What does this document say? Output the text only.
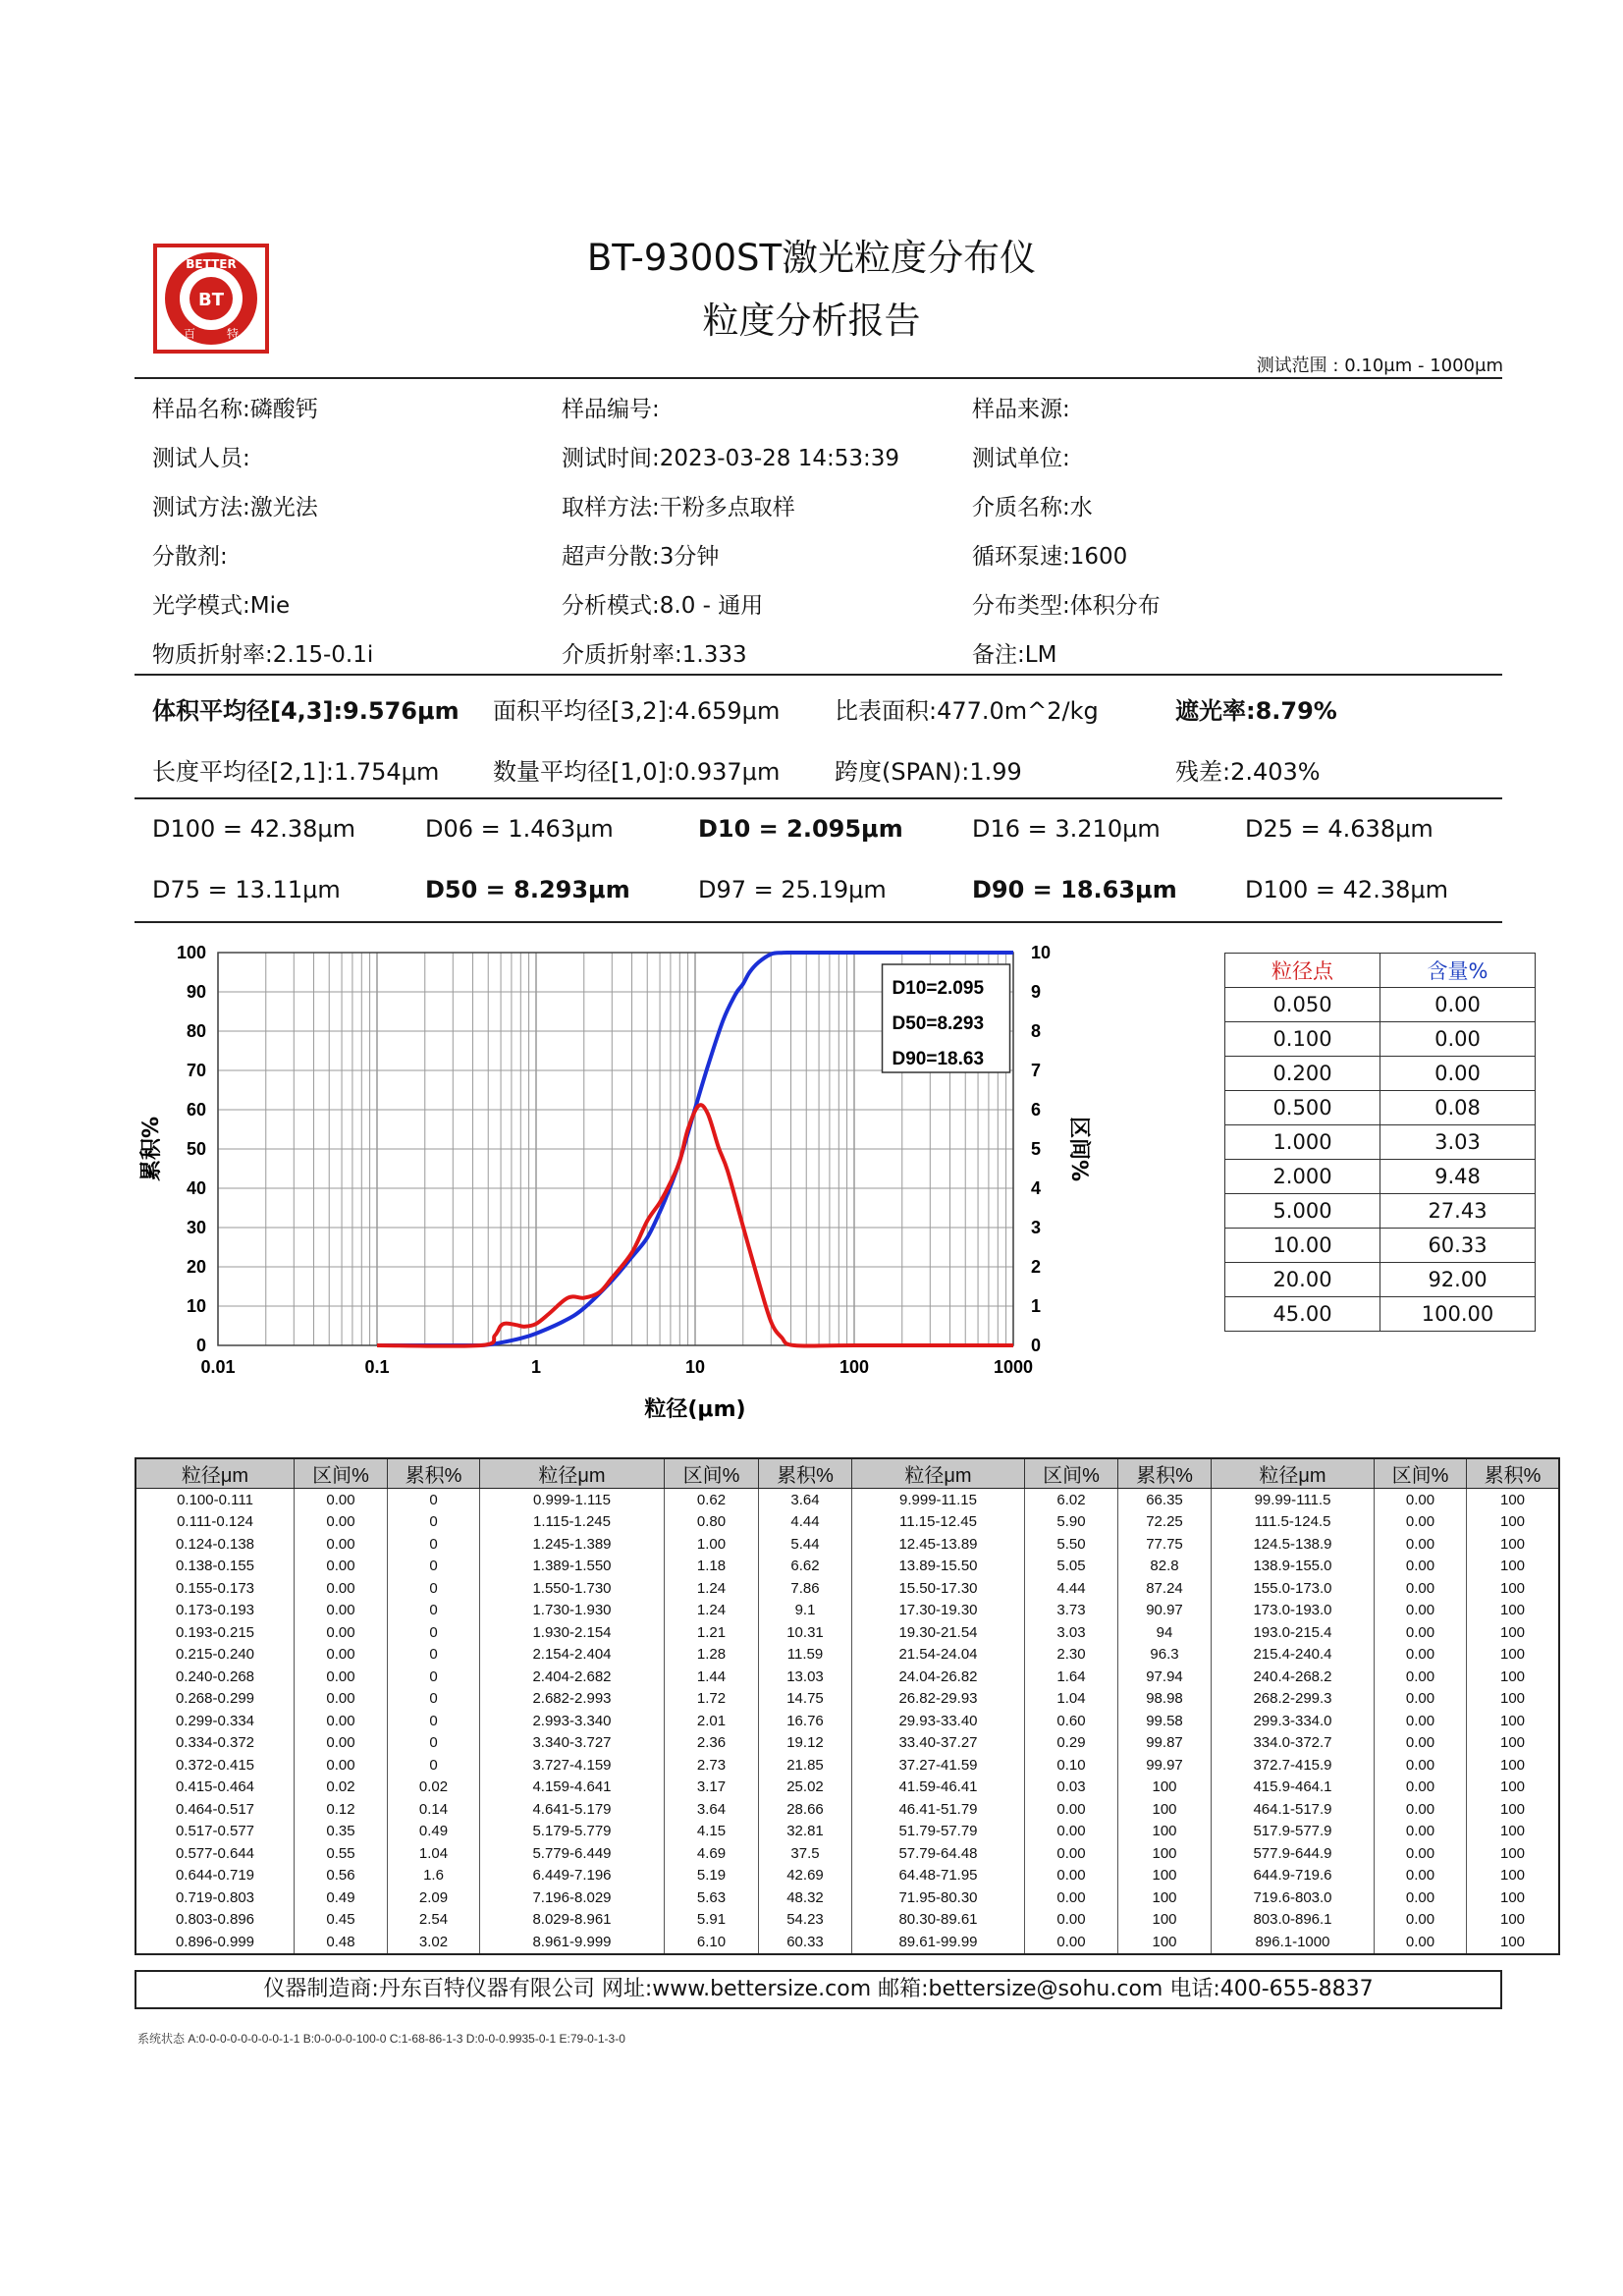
BT
BETTER
百	特
BT-9300ST激光粒度分布仪
粒度分析报告
测试范围 : 0.10μm - 1000μm
样品名称:磷酸钙	样品编号:	样品来源:
测试人员:	测试时间:2023-03-28 14:53:39	测试单位:
测试方法:激光法	取样方法:干粉多点取样	介质名称:水
分散剂:	超声分散:3分钟	循环泵速:1600
光学模式:Mie	分析模式:8.0 - 通用	分布类型:体积分布
物质折射率:2.15-0.1i	介质折射率:1.333	备注:LM
体积平均径[4,3]:9.576μm 面积平均径[3,2]:4.659μm 比表面积:477.0m^2/kg	遮光率:8.79%
长度平均径[2,1]:1.754μm 数量平均径[1,0]:0.937μm 跨度(SPAN):1.99	残差:2.403%
D100 = 42.38μm	D06 = 1.463μm	D10 = 2.095μm	D16 = 3.210μm	D25 = 4.638μm
D75 = 13.11μm	D50 = 8.293μm	D97 = 25.19μm	D90 = 18.63μm	D100 = 42.38μm
0.01	0.1	1	10	100	1000
0
10
20
30
40
50
60
70
80
90
100
0
1
2
3
4
5
6
7
8
9
10
粒径(μm)
累积%	区间%
D10=2.095
D50=8.293
D90=18.63
粒径点	含量%
0.050	0.00
0.100	0.00
0.200	0.00
0.500	0.08
1.000	3.03
2.000	9.48
5.000	27.43
10.00	60.33
20.00	92.00
45.00	100.00
粒径μm	区间%	累积%	粒径μm	区间%	累积%	粒径μm	区间%	累积%	粒径μm	区间%	累积%
0.100-0.111	0.00	0	0.999-1.115	0.62	3.64	9.999-11.15	6.02	66.35	99.99-111.5	0.00	100
0.111-0.124	0.00	0	1.115-1.245	0.80	4.44	11.15-12.45	5.90	72.25	111.5-124.5	0.00	100
0.124-0.138	0.00	0	1.245-1.389	1.00	5.44	12.45-13.89	5.50	77.75	124.5-138.9	0.00	100
0.138-0.155	0.00	0	1.389-1.550	1.18	6.62	13.89-15.50	5.05	82.8	138.9-155.0	0.00	100
0.155-0.173	0.00	0	1.550-1.730	1.24	7.86	15.50-17.30	4.44	87.24	155.0-173.0	0.00	100
0.173-0.193	0.00	0	1.730-1.930	1.24	9.1	17.30-19.30	3.73	90.97	173.0-193.0	0.00	100
0.193-0.215	0.00	0	1.930-2.154	1.21	10.31	19.30-21.54	3.03	94	193.0-215.4	0.00	100
0.215-0.240	0.00	0	2.154-2.404	1.28	11.59	21.54-24.04	2.30	96.3	215.4-240.4	0.00	100
0.240-0.268	0.00	0	2.404-2.682	1.44	13.03	24.04-26.82	1.64	97.94	240.4-268.2	0.00	100
0.268-0.299	0.00	0	2.682-2.993	1.72	14.75	26.82-29.93	1.04	98.98	268.2-299.3	0.00	100
0.299-0.334	0.00	0	2.993-3.340	2.01	16.76	29.93-33.40	0.60	99.58	299.3-334.0	0.00	100
0.334-0.372	0.00	0	3.340-3.727	2.36	19.12	33.40-37.27	0.29	99.87	334.0-372.7	0.00	100
0.372-0.415	0.00	0	3.727-4.159	2.73	21.85	37.27-41.59	0.10	99.97	372.7-415.9	0.00	100
0.415-0.464	0.02	0.02	4.159-4.641	3.17	25.02	41.59-46.41	0.03	100	415.9-464.1	0.00	100
0.464-0.517	0.12	0.14	4.641-5.179	3.64	28.66	46.41-51.79	0.00	100	464.1-517.9	0.00	100
0.517-0.577	0.35	0.49	5.179-5.779	4.15	32.81	51.79-57.79	0.00	100	517.9-577.9	0.00	100
0.577-0.644	0.55	1.04	5.779-6.449	4.69	37.5	57.79-64.48	0.00	100	577.9-644.9	0.00	100
0.644-0.719	0.56	1.6	6.449-7.196	5.19	42.69	64.48-71.95	0.00	100	644.9-719.6	0.00	100
0.719-0.803	0.49	2.09	7.196-8.029	5.63	48.32	71.95-80.30	0.00	100	719.6-803.0	0.00	100
0.803-0.896	0.45	2.54	8.029-8.961	5.91	54.23	80.30-89.61	0.00	100	803.0-896.1	0.00	100
0.896-0.999	0.48	3.02	8.961-9.999	6.10	60.33	89.61-99.99	0.00	100	896.1-1000	0.00	100
仪器制造商:丹东百特仪器有限公司 网址:www.bettersize.com 邮箱:bettersize@sohu.com 电话:400-655-8837
系统状态 A:0-0-0-0-0-0-0-0-1-1 B:0-0-0-0-100-0 C:1-68-86-1-3 D:0-0-0.9935-0-1 E:79-0-1-3-0
